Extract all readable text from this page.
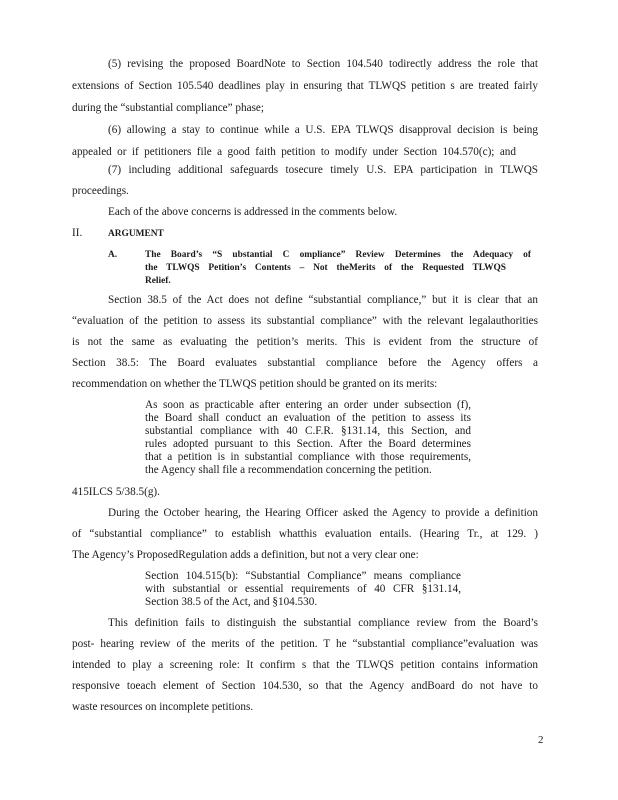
(5) revising the proposed BoardNote to Section 104.540 todirectly address the role that
extensions of Section 105.540 deadlines play in ensuring that TLWQS petition s are treated fairly
during the “substantial compliance” phase;
(6) allowing a stay to continue while a U.S. EPA TLWQS disapproval decision is being
appealed or if petitioners file a good faith petition to modify under Section 104.570(c); and
(7) including additional safeguards tosecure timely U.S. EPA participation in TLWQS
proceedings.
Each of the above concerns is addressed in the comments below.
II.	ARGUMENT
A.	The Board’s “S ubstantial C ompliance” Review Determines the Adequacy of
the TLWQS Petition’s Contents – Not theMerits of the Requested TLWQS
Relief.
Section 38.5 of the Act does not define “substantial compliance,” but it is clear that an
“evaluation of the petition to assess its substantial compliance” with the relevant legalauthorities
is not the same as evaluating the petition’s merits. This is evident from the structure of
Section 38.5: The Board evaluates substantial compliance before the Agency offers a
recommendation on whether the TLWQS petition should be granted on its merits:
As soon as practicable after entering an order under subsection (f),
the Board shall conduct an evaluation of the petition to assess its
substantial compliance with 40 C.F.R. §131.14, this Section, and
rules adopted pursuant to this Section. After the Board determines
that a petition is in substantial compliance with those requirements,
the Agency shall file a recommendation concerning the petition.
415ILCS 5/38.5(g).
During the October hearing, the Hearing Officer asked the Agency to provide a definition
of “substantial compliance” to establish whatthis evaluation entails. (Hearing Tr., at 129. )
The Agency’s ProposedRegulation adds a definition, but not a very clear one:
Section 104.515(b): “Substantial Compliance” means compliance
with substantial or essential requirements of 40 CFR §131.14,
Section 38.5 of the Act, and §104.530.
This definition fails to distinguish the substantial compliance review from the Board’s
post- hearing review of the merits of the petition. T he “substantial compliance”evaluation was
intended to play a screening role: It confirm s that the TLWQS petition contains information
responsive toeach element of Section 104.530, so that the Agency andBoard do not have to
waste resources on incomplete petitions.
2
